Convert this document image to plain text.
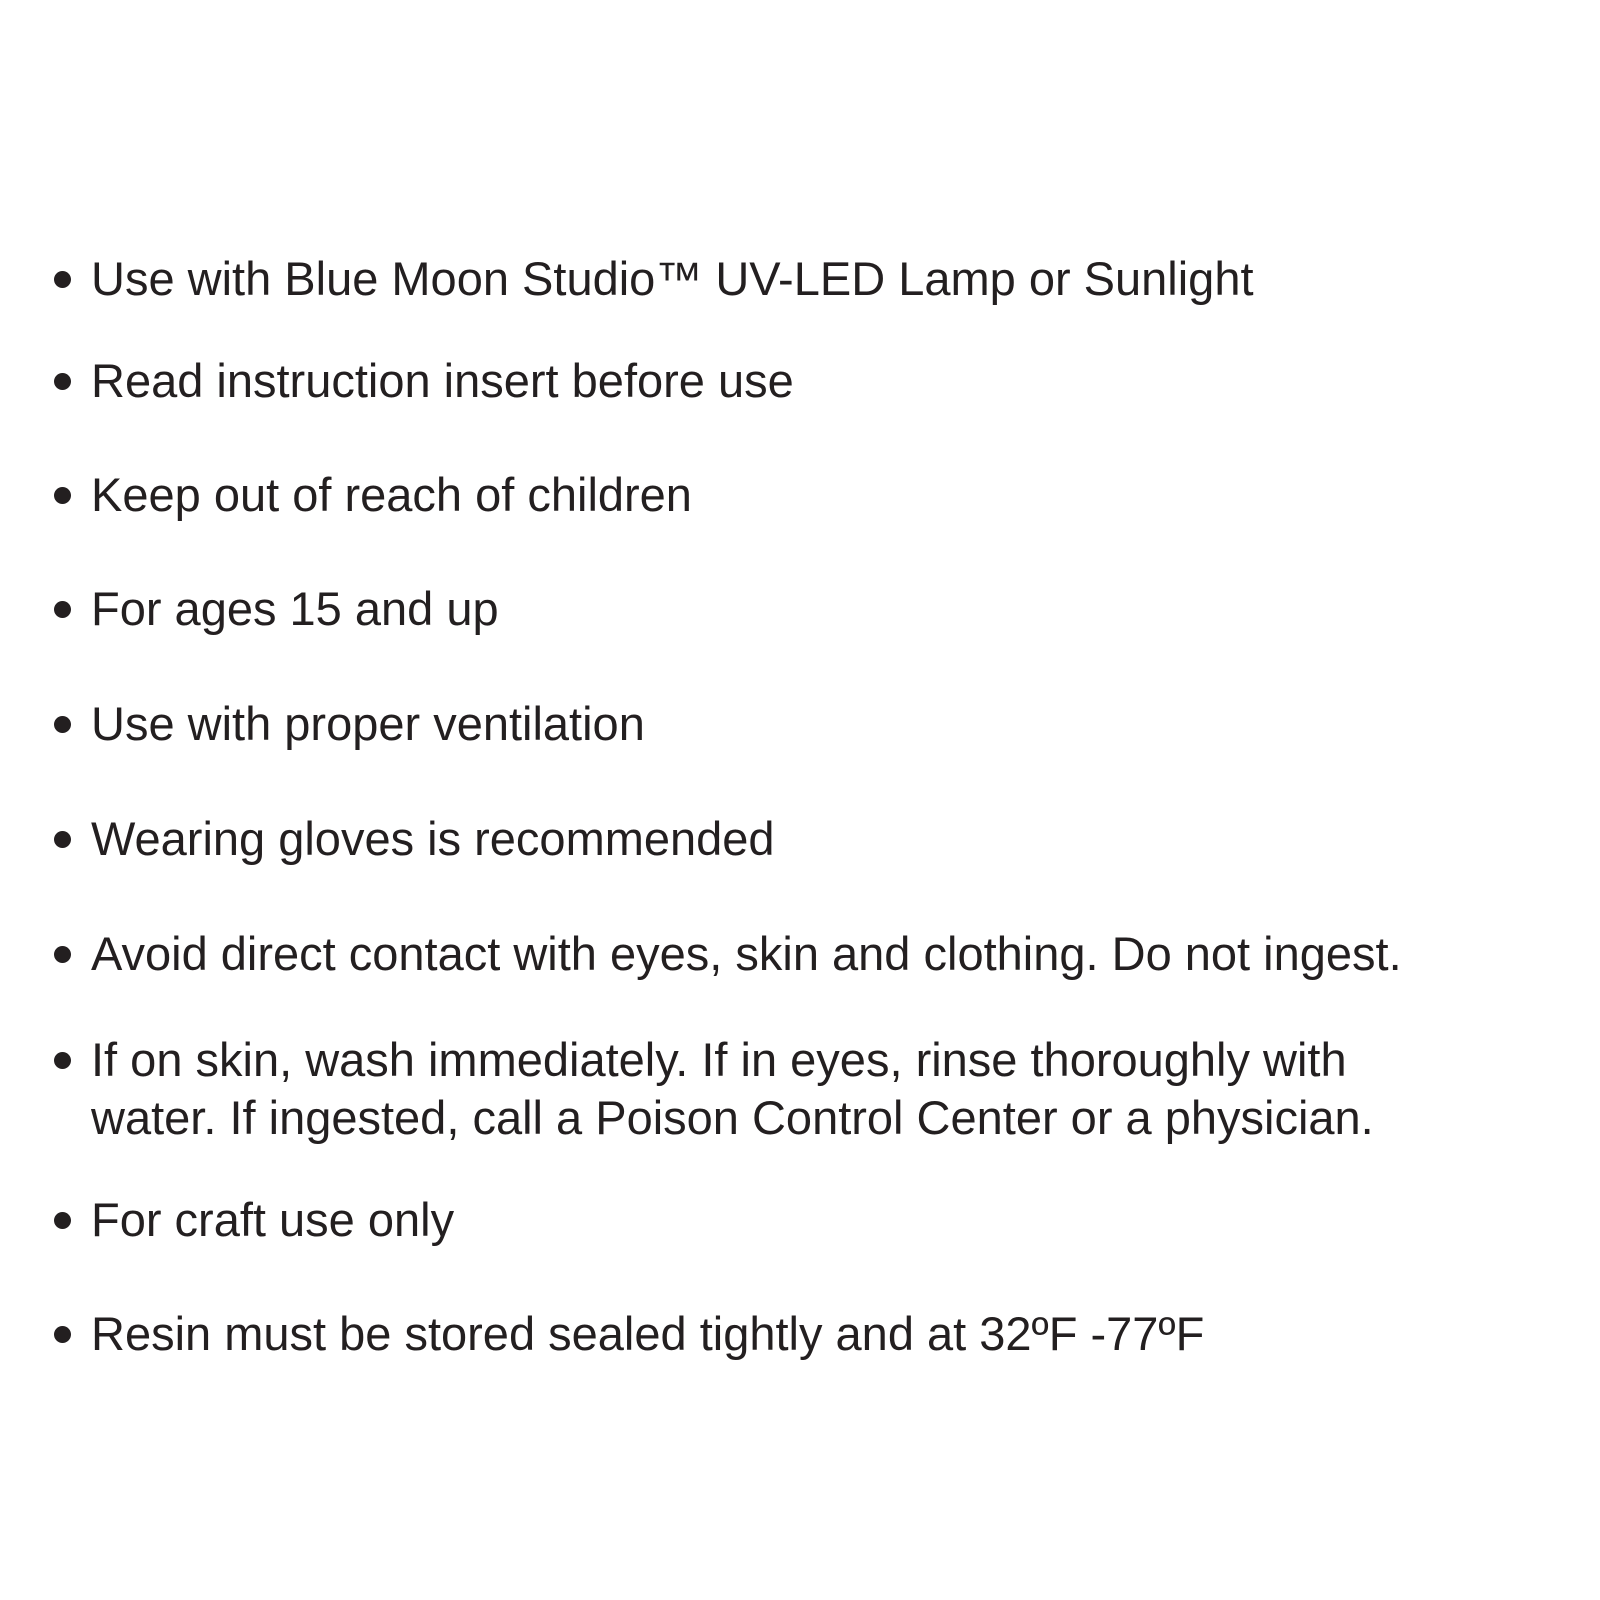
Use with Blue Moon Studio™ UV-LED Lamp or Sunlight
Read instruction insert before use
Keep out of reach of children
For ages 15 and up
Use with proper ventilation
Wearing gloves is recommended
Avoid direct contact with eyes, skin and clothing. Do not ingest.
If on skin, wash immediately. If in eyes, rinse thoroughly with
water. If ingested, call a Poison Control Center or a physician.
For craft use only
Resin must be stored sealed tightly and at 32ºF -77ºF
